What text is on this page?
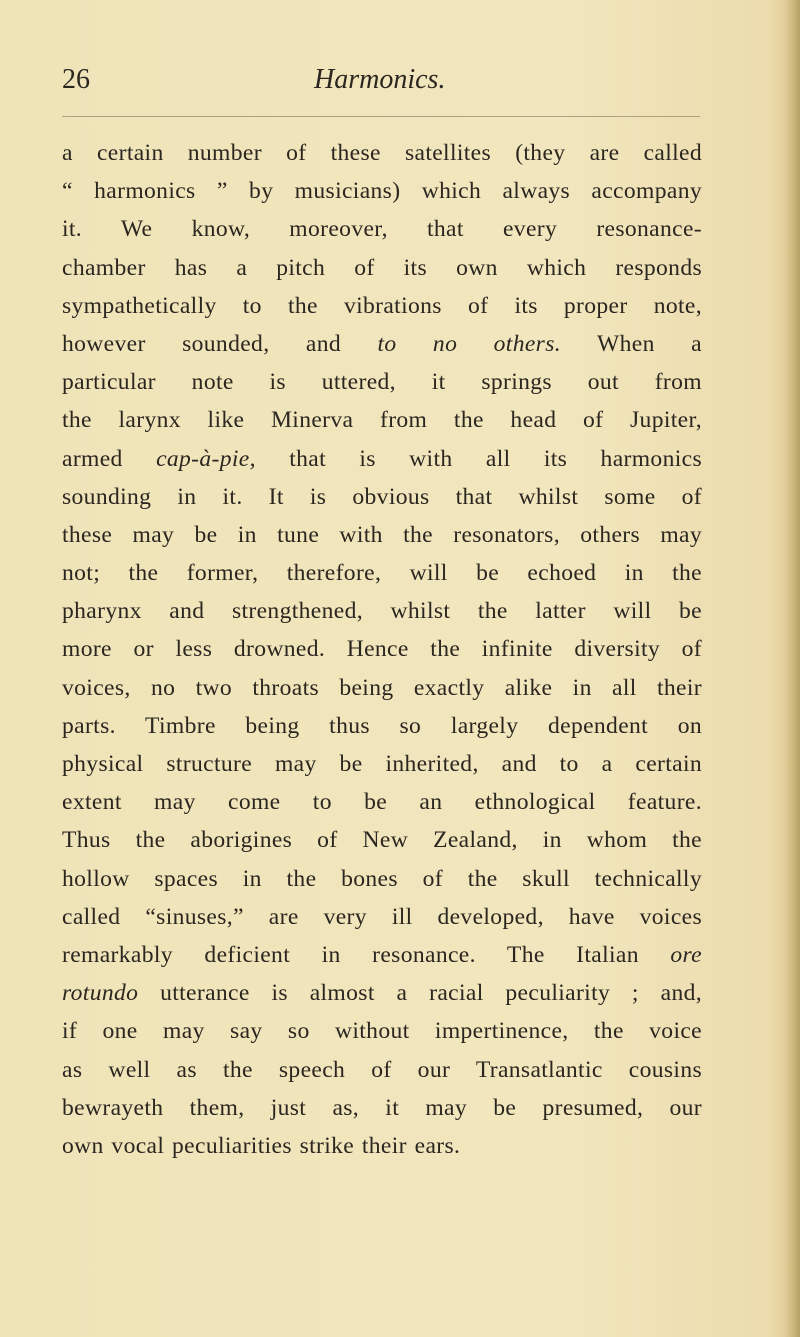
26	Harmonics.
a certain number of these satellites (they are called
“ harmonics ” by musicians) which always accompany
it. We know, moreover, that every resonance-
chamber has a pitch of its own which responds
sympathetically to the vibrations of its proper note,
however sounded, and to no others. When a
particular note is uttered, it springs out from
the larynx like Minerva from the head of Jupiter,
armed cap-à-pie, that is with all its harmonics
sounding in it. It is obvious that whilst some of
these may be in tune with the resonators, others may
not; the former, therefore, will be echoed in the
pharynx and strengthened, whilst the latter will be
more or less drowned. Hence the infinite diversity of
voices, no two throats being exactly alike in all their
parts. Timbre being thus so largely dependent on
physical structure may be inherited, and to a certain
extent may come to be an ethnological feature.
Thus the aborigines of New Zealand, in whom the
hollow spaces in the bones of the skull technically
called “sinuses,” are very ill developed, have voices
remarkably deficient in resonance. The Italian ore
rotundo utterance is almost a racial peculiarity ; and,
if one may say so without impertinence, the voice
as well as the speech of our Transatlantic cousins
bewrayeth them, just as, it may be presumed, our
own vocal peculiarities strike their ears.
